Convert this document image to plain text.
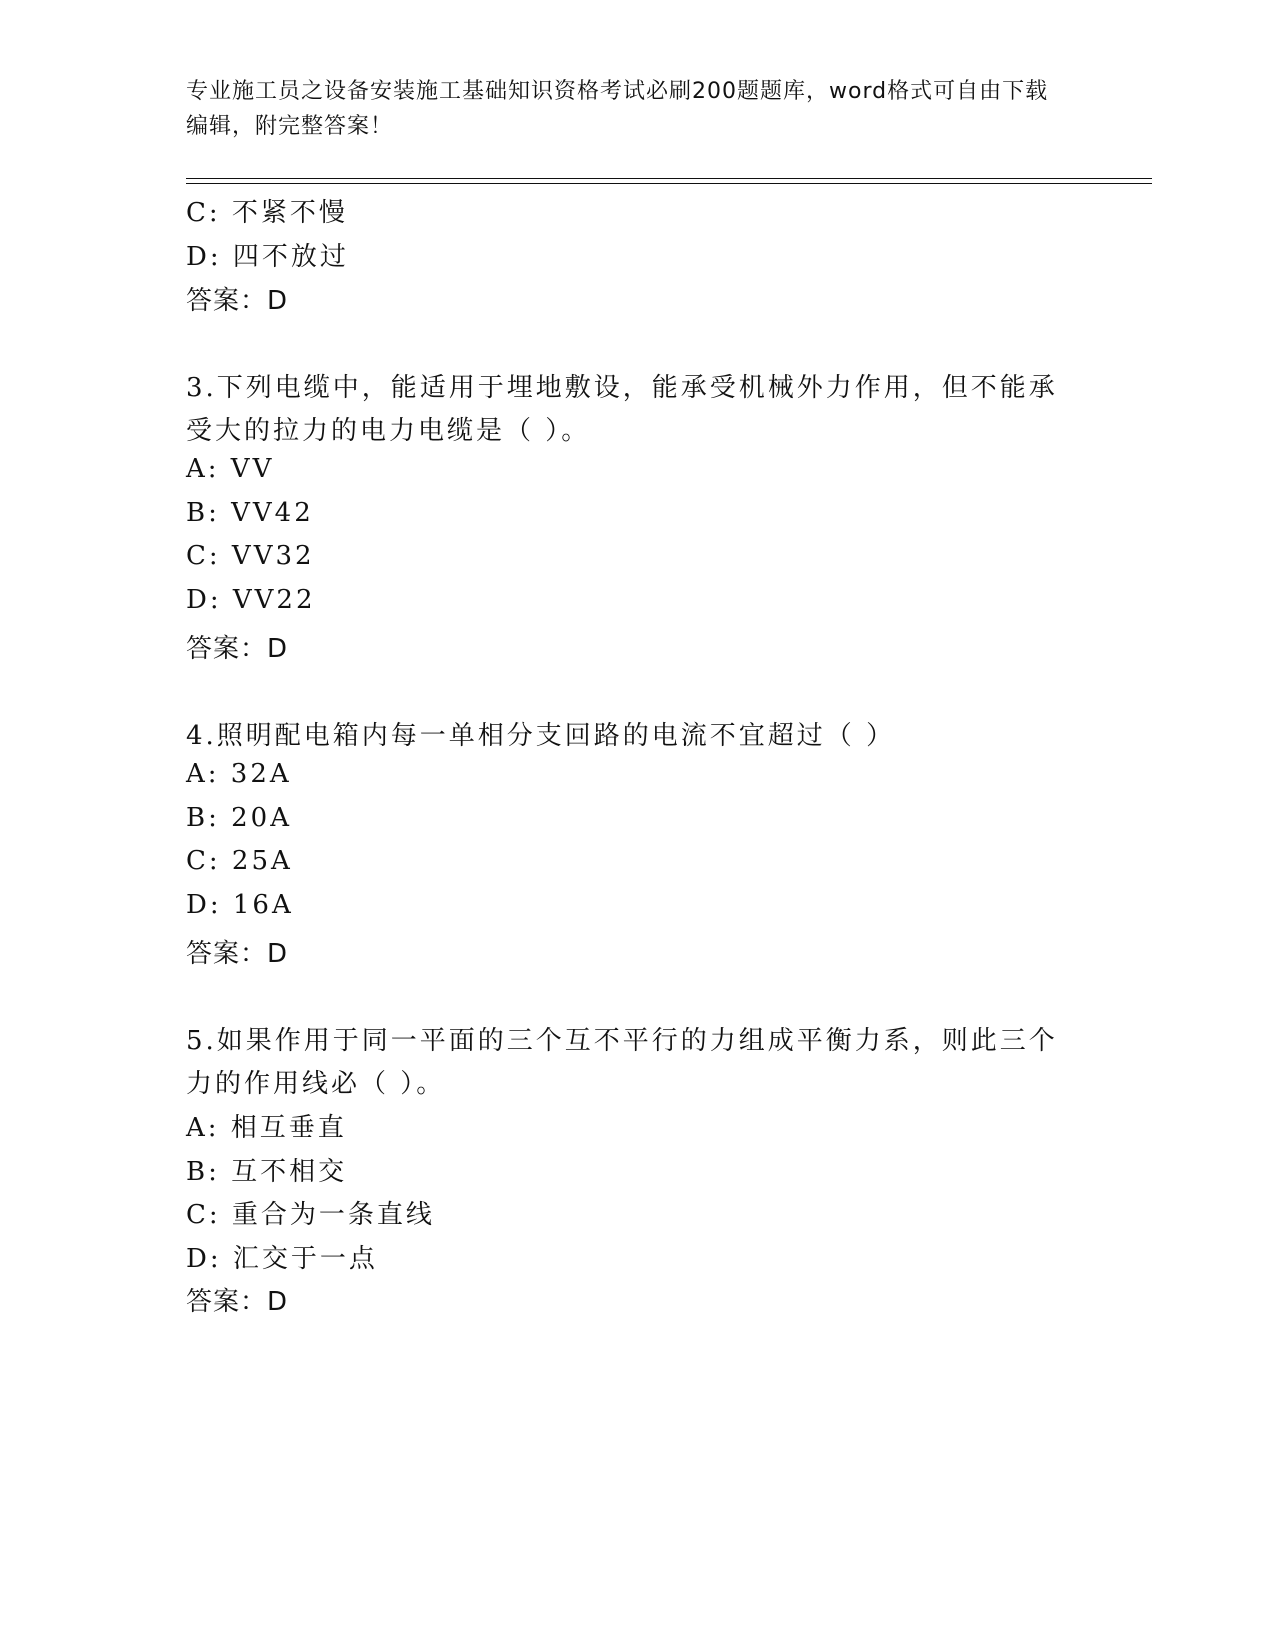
专业施工员之设备安装施工基础知识资格考试必刷200题题库，word格式可自由下载编辑，附完整答案！
C: 不紧不慢
D: 四不放过
答案：D
3.下列电缆中，能适用于埋地敷设，能承受机械外力作用，但不能承
受大的拉力的电力电缆是（ ）。
A: VV
B: VV42
C: VV32
D: VV22
答案：D
4.照明配电箱内每一单相分支回路的电流不宜超过（ ）
A: 32A
B: 20A
C: 25A
D: 16A
答案：D
5.如果作用于同一平面的三个互不平行的力组成平衡力系，则此三个
力的作用线必（ ）。
A: 相互垂直
B: 互不相交
C: 重合为一条直线
D: 汇交于一点
答案：D
